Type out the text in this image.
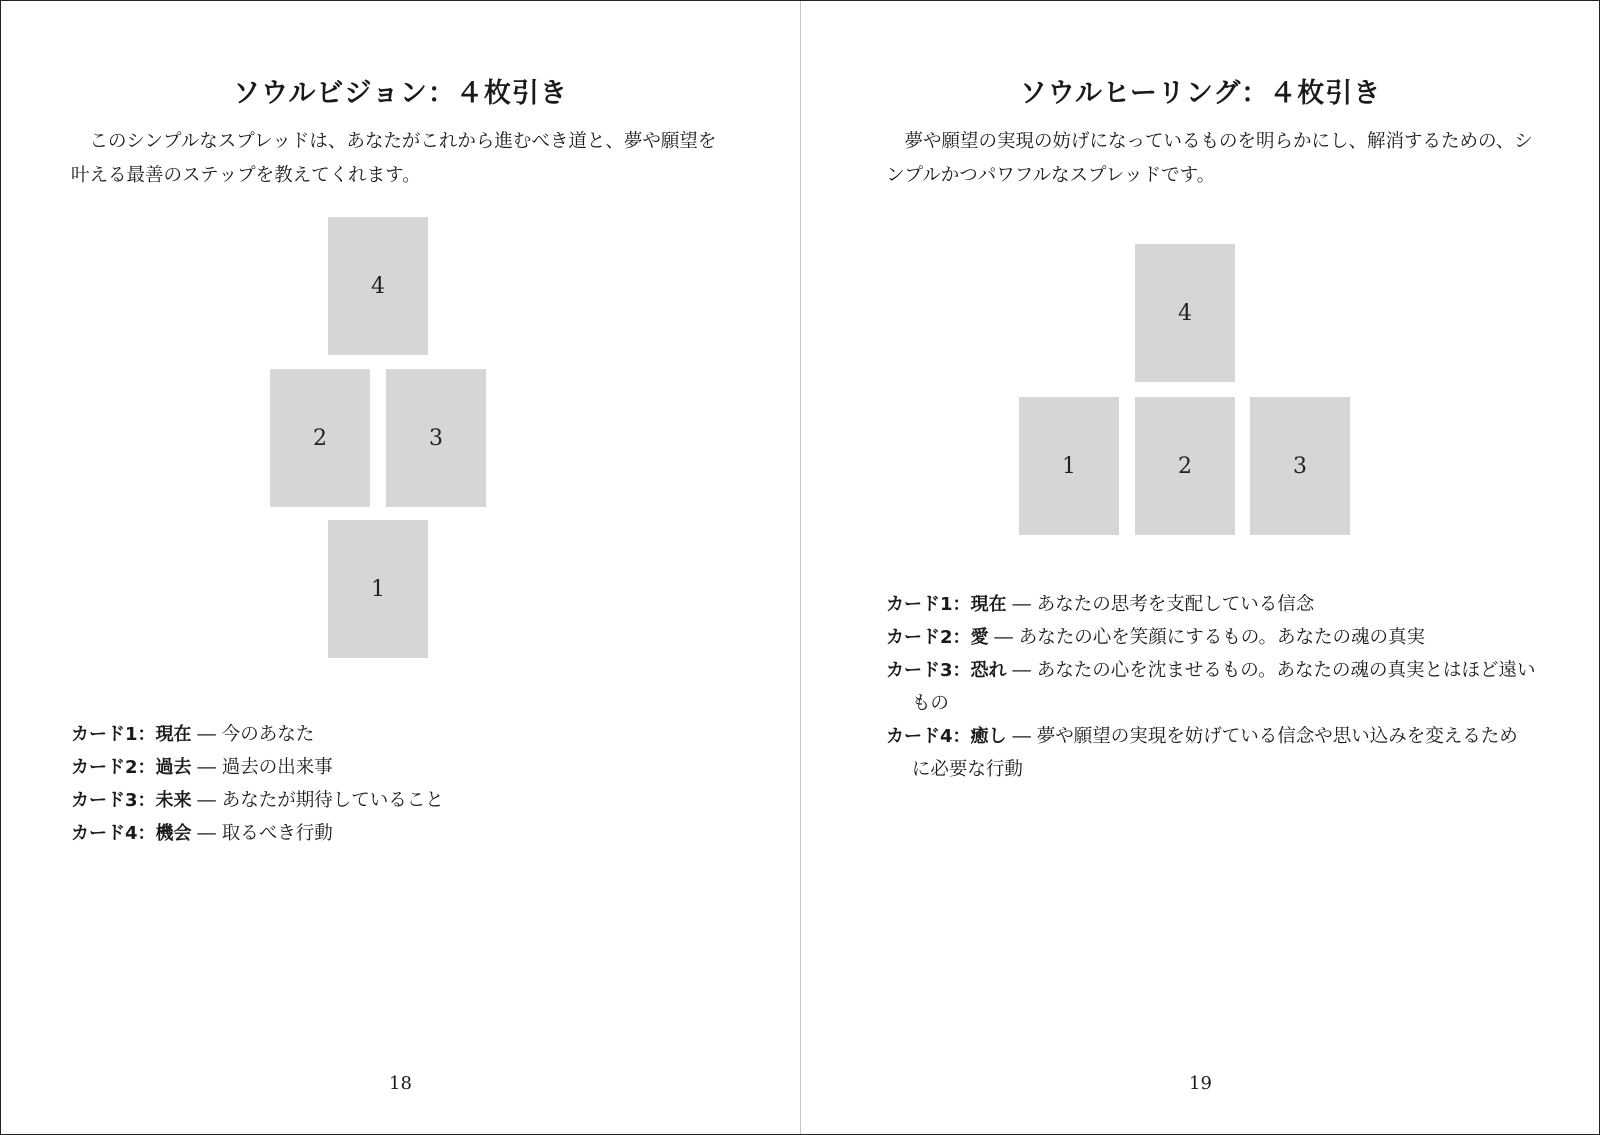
ソウルビジョン：４枚引き
このシンプルなスプレッドは、あなたがこれから進むべき道と、夢や願望を叶える最善のステップを教えてくれます。
4
2	3
1
カード1：現在 ― 今のあなた
カード2：過去 ― 過去の出来事
カード3：未来 ― あなたが期待していること
カード4：機会 ― 取るべき行動
18
ソウルヒーリング：４枚引き
夢や願望の実現の妨げになっているものを明らかにし、解消するための、シンプルかつパワフルなスプレッドです。
4
1	2	3
カード1：現在 ― あなたの思考を支配している信念
カード2：愛 ― あなたの心を笑顔にするもの。あなたの魂の真実
カード3：恐れ ― あなたの心を沈ませるもの。あなたの魂の真実とはほど遠いもの
カード4：癒し ― 夢や願望の実現を妨げている信念や思い込みを変えるために必要な行動
19
